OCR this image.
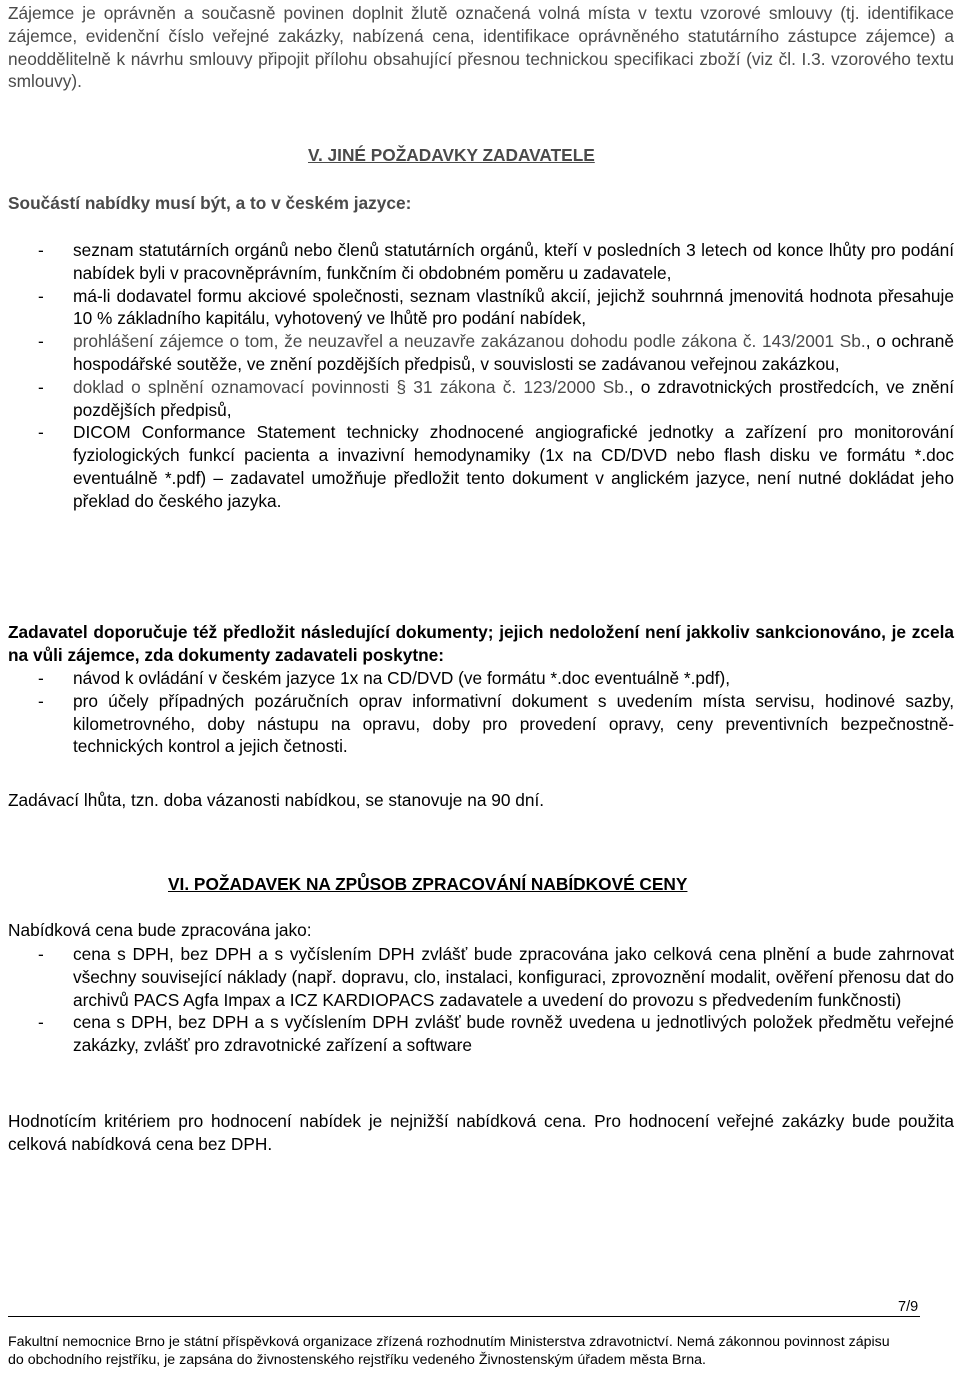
Zájemce je oprávněn a současně povinen doplnit žlutě označená volná místa v textu vzorové smlouvy (tj. identifikace zájemce, evidenční číslo veřejné zakázky, nabízená cena, identifikace oprávněného statutárního zástupce zájemce) a neoddělitelně k návrhu smlouvy připojit přílohu obsahující přesnou technickou specifikaci zboží (viz čl. I.3. vzorového textu smlouvy).
V. JINÉ POŽADAVKY ZADAVATELE
Součástí nabídky musí být, a to v českém jazyce:
- seznam statutárních orgánů nebo členů statutárních orgánů, kteří v posledních 3 letech od konce lhůty pro podání nabídek byli v pracovněprávním, funkčním či obdobném poměru u zadavatele,
- má-li dodavatel formu akciové společnosti, seznam vlastníků akcií, jejichž souhrnná jmenovitá hodnota přesahuje 10 % základního kapitálu, vyhotovený ve lhůtě pro podání nabídek,
- prohlášení zájemce o tom, že neuzavřel a neuzavře zakázanou dohodu podle zákona č. 143/2001 Sb., o ochraně hospodářské soutěže, ve znění pozdějších předpisů, v souvislosti se zadávanou veřejnou zakázkou,
- doklad o splnění oznamovací povinnosti § 31 zákona č. 123/2000 Sb., o zdravotnických prostředcích, ve znění pozdějších předpisů,
- DICOM Conformance Statement technicky zhodnocené angiografické jednotky a zařízení pro monitorování fyziologických funkcí pacienta a invazivní hemodynamiky (1x na CD/DVD nebo flash disku ve formátu *.doc eventuálně *.pdf) – zadavatel umožňuje předložit tento dokument v anglickém jazyce, není nutné dokládat jeho překlad do českého jazyka.
Zadavatel doporučuje též předložit následující dokumenty; jejich nedoložení není jakkoliv sankcionováno, je zcela na vůli zájemce, zda dokumenty zadavateli poskytne:
- návod k ovládání v českém jazyce 1x na CD/DVD (ve formátu *.doc eventuálně *.pdf),
- pro účely případných pozáručních oprav informativní dokument s uvedením místa servisu, hodinové sazby, kilometrovného, doby nástupu na opravu, doby pro provedení opravy, ceny preventivních bezpečnostně-technických kontrol a jejich četnosti.
Zadávací lhůta, tzn. doba vázanosti nabídkou, se stanovuje na 90 dní.
VI. POŽADAVEK NA ZPŮSOB ZPRACOVÁNÍ NABÍDKOVÉ CENY
Nabídková cena bude zpracována jako:
- cena s DPH, bez DPH a s vyčíslením DPH zvlášť bude zpracována jako celková cena plnění a bude zahrnovat všechny související náklady (např. dopravu, clo, instalaci, konfiguraci, zprovoznění modalit, ověření přenosu dat do archivů PACS Agfa Impax a ICZ KARDIOPACS zadavatele a uvedení do provozu s předvedením funkčnosti)
- cena s DPH, bez DPH a s vyčíslením DPH zvlášť bude rovněž uvedena u jednotlivých položek předmětu veřejné zakázky, zvlášť pro zdravotnické zařízení a software
Hodnotícím kritériem pro hodnocení nabídek je nejnižší nabídková cena. Pro hodnocení veřejné zakázky bude použita celková nabídková cena bez DPH.
7/9
Fakultní nemocnice Brno je státní příspěvková organizace zřízená rozhodnutím Ministerstva zdravotnictví. Nemá zákonnou povinnost zápisu
do obchodního rejstříku, je zapsána do živnostenského rejstříku vedeného Živnostenským úřadem města Brna.
